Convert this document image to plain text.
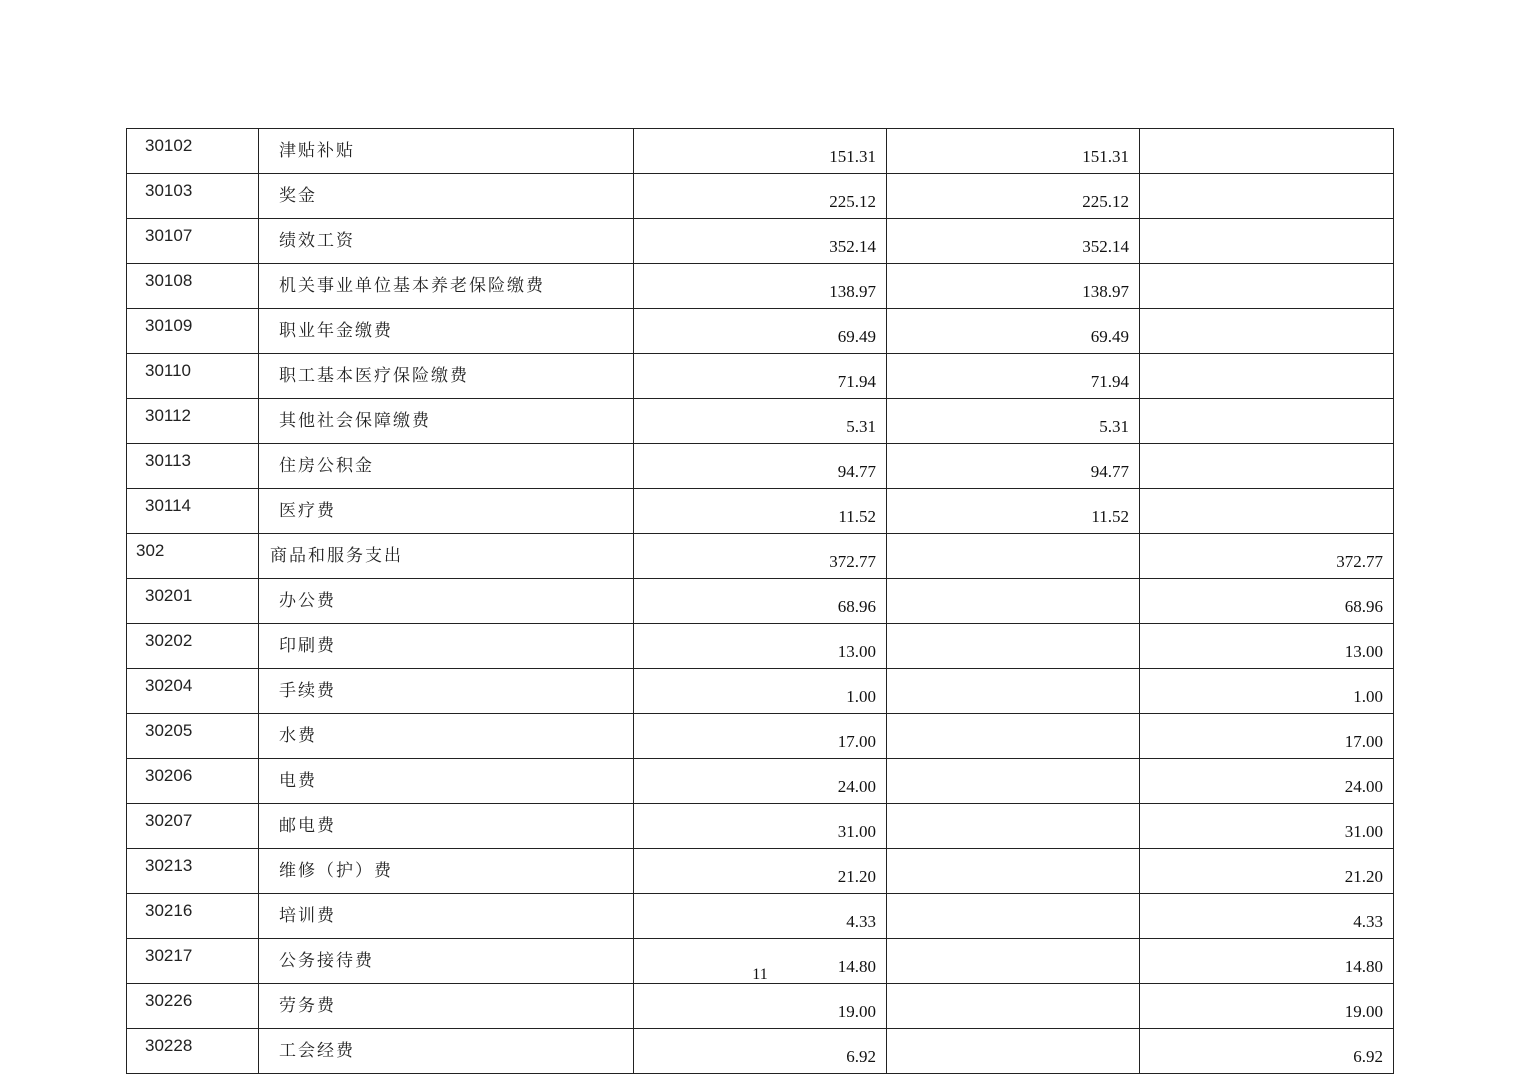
30102	津贴补贴	151.31	151.31	
30103	奖金	225.12	225.12	
30107	绩效工资	352.14	352.14	
30108	机关事业单位基本养老保险缴费	138.97	138.97	
30109	职业年金缴费	69.49	69.49	
30110	职工基本医疗保险缴费	71.94	71.94	
30112	其他社会保障缴费	5.31	5.31	
30113	住房公积金	94.77	94.77	
30114	医疗费	11.52	11.52	
302	商品和服务支出	372.77		372.77
30201	办公费	68.96		68.96
30202	印刷费	13.00		13.00
30204	手续费	1.00		1.00
30205	水费	17.00		17.00
30206	电费	24.00		24.00
30207	邮电费	31.00		31.00
30213	维修（护）费	21.20		21.20
30216	培训费	4.33		4.33
30217	公务接待费	14.80		14.80
30226	劳务费	19.00		19.00
30228	工会经费	6.92		6.92
11
